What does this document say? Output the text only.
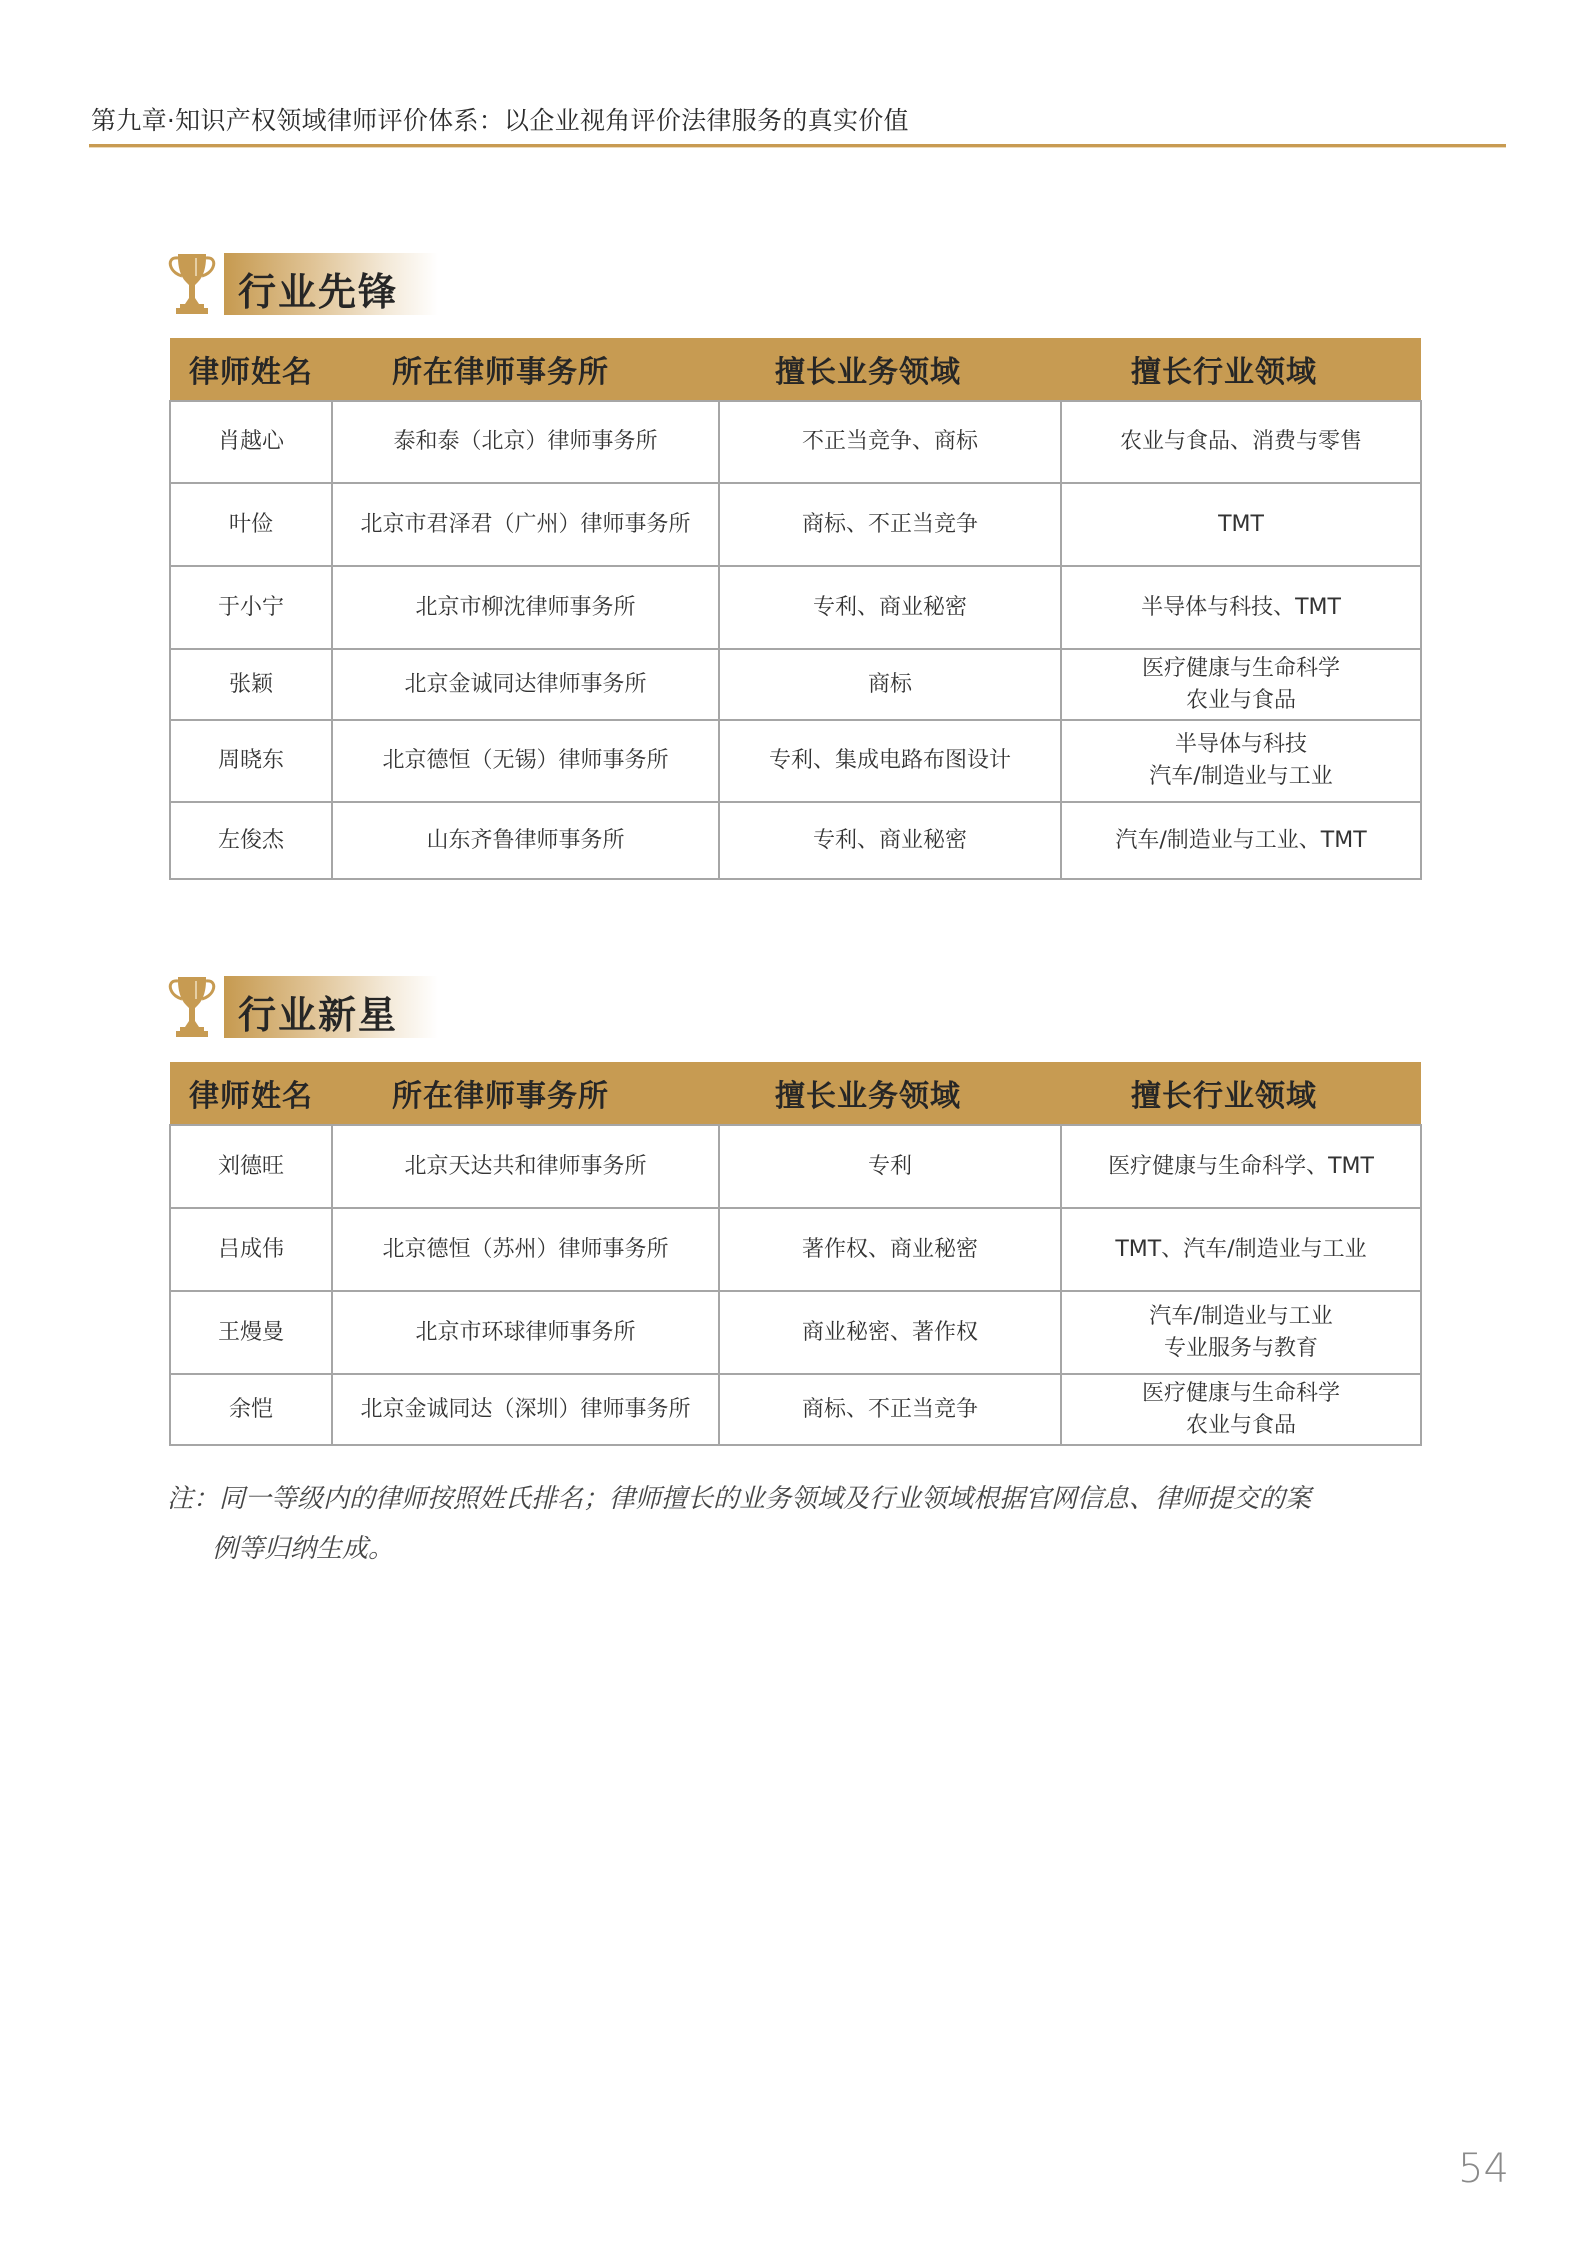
第九章·知识产权领域律师评价体系：以企业视角评价法律服务的真实价值
行业先锋
律师姓名	所在律师事务所	擅长业务领域	擅长行业领域
肖越心	泰和泰（北京）律师事务所	不正当竞争、商标	农业与食品、消费与零售

叶俭	北京市君泽君（广州）律师事务所	商标、不正当竞争	TMT

于小宁	北京市柳沈律师事务所	专利、商业秘密	半导体与科技、TMT

张颖	北京金诚同达律师事务所	商标	医疗健康与生命科学
农业与食品

周晓东	北京德恒（无锡）律师事务所	专利、集成电路布图设计	半导体与科技
汽车/制造业与工业

左俊杰	山东齐鲁律师事务所	专利、商业秘密	汽车/制造业与工业、TMT
行业新星
律师姓名	所在律师事务所	擅长业务领域	擅长行业领域
刘德旺	北京天达共和律师事务所	专利	医疗健康与生命科学、TMT

吕成伟	北京德恒（苏州）律师事务所	著作权、商业秘密	TMT、汽车/制造业与工业

王熳曼	北京市环球律师事务所	商业秘密、著作权	汽车/制造业与工业
专业服务与教育

余恺	北京金诚同达（深圳）律师事务所	商标、不正当竞争	医疗健康与生命科学
农业与食品
注：同一等级内的律师按照姓氏排名；律师擅长的业务领域及行业领域根据官网信息、律师提交的案
例等归纳生成。
54
